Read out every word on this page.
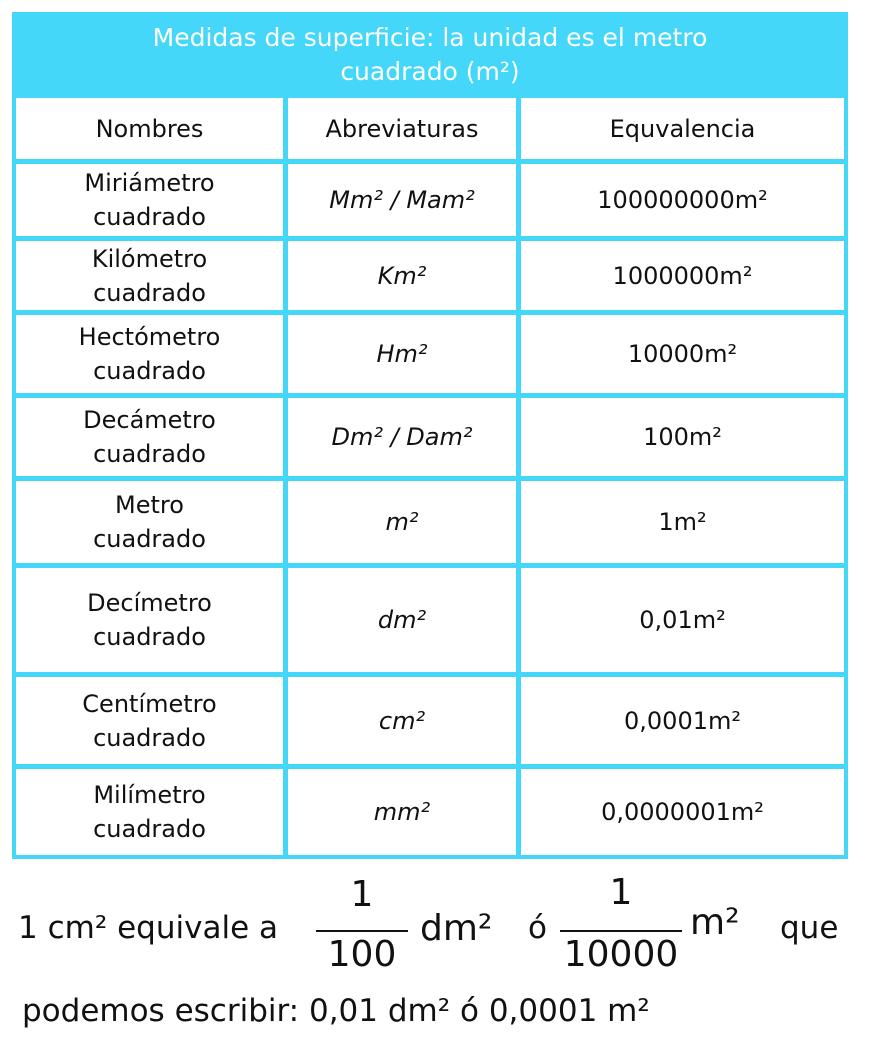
Medidas de superficie: la unidad es el metro
cuadrado (m²)
Nombres	Abreviaturas	Equvalencia
Miriámetro
cuadrado
Mm² / Mam²	100000000m²
Kilómetro
cuadrado
Km²	1000000m²
Hectómetro
cuadrado
Hm²	10000m²
Decámetro
cuadrado
Dm² / Dam²	100m²
Metro
cuadrado
m²	1m²
Decímetro
cuadrado
dm²	0,01m²
Centímetro
cuadrado
cm²	0,0001m²
Milímetro
cuadrado
mm²	0,0000001m²
1 cm² equivale a
1
100
dm² ó
1
10000
m² que
podemos escribir: 0,01 dm² ó 0,0001 m²
